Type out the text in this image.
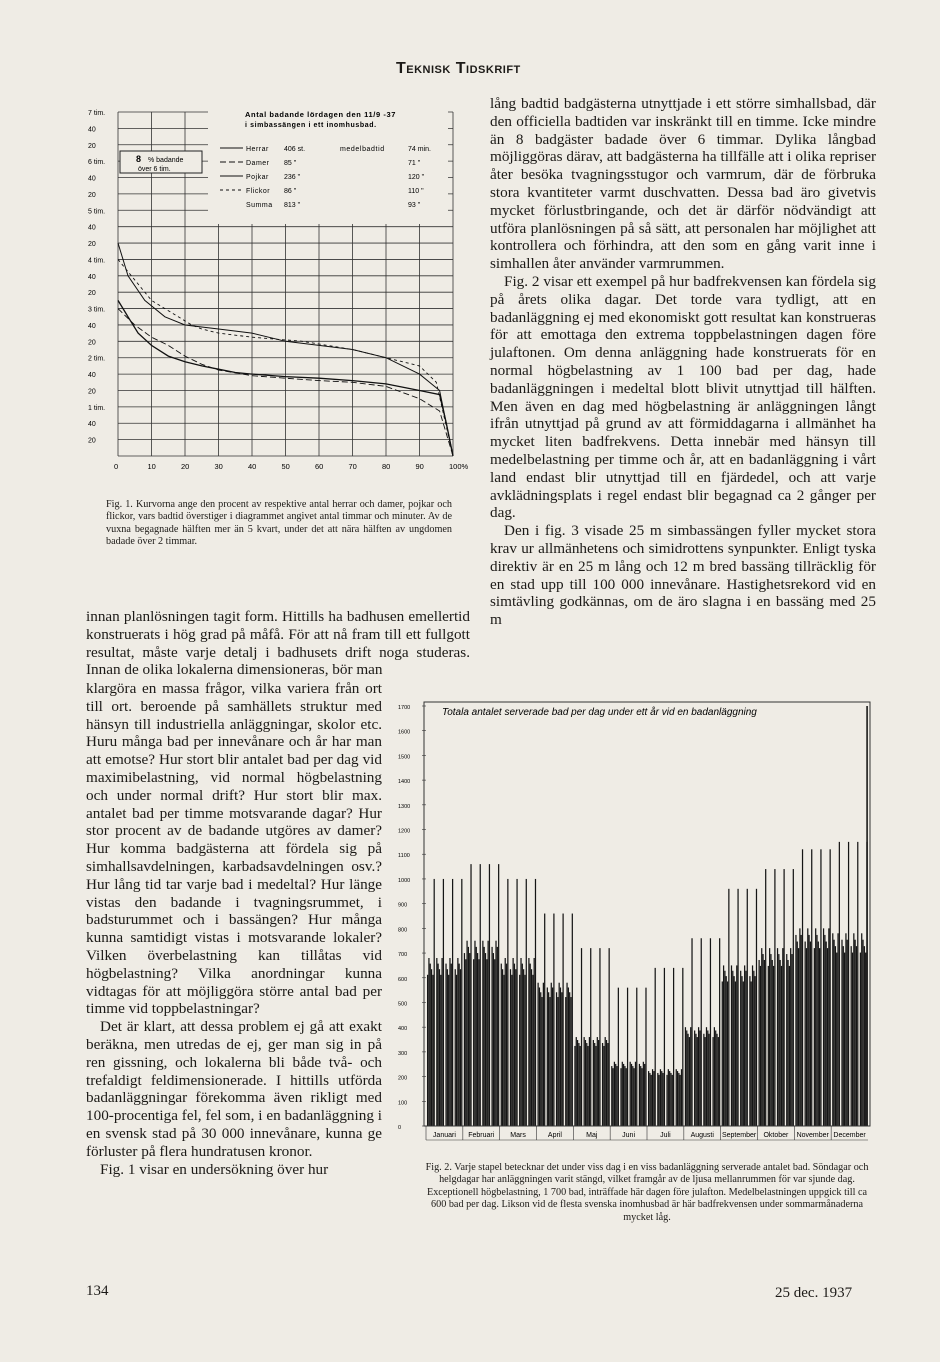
Teknisk Tidskrift
20
40
1 tim.
20
40
2 tim.
20
40
3 tim.
20
40
4 tim.
20
40
5 tim.
20
40
6 tim.
20
40
7 tim.
0	10	20	30	40	50	60	70	80	90	100%
Antal badande lördagen den 11/9 -37
i simbassängen i ett inomhusbad.
medelbadtid
Herrar 406 st.	74 min.
Damer 85 "	71 "
Pojkar 236 "	120 "
Flickor 86 "	110 "
Summa 813 "	93 "
8 % badande
över 6 tim.
Fig. 1. Kurvorna ange den procent av respektive antal herrar och damer, pojkar och flickor, vars badtid överstiger i diagrammet angivet antal timmar och minuter. Av de vuxna begagnade hälften mer än 5 kvart, under det att nära hälften av ungdomen badade över 2 timmar.

lång badtid badgästerna utnyttjade i ett större simhallsbad, där den officiella badtiden var inskränkt till en timme. Icke mindre än 8 badgäster badade över 6 timmar. Dylika långbad möjliggöras därav, att badgästerna ha tillfälle att i olika repriser åter besöka tvagningsstugor och varmrum, där de förbruka stora kvantiteter varmt duschvatten. Dessa bad äro givetvis mycket förlustbringande, och det är därför nödvändigt att utföra planlösningen på så sätt, att personalen har möjlighet att kontrollera och förhindra, att den som en gång varit inne i simhallen åter använder varmrummen.

Fig. 2 visar ett exempel på hur badfrekvensen kan fördela sig på årets olika dagar. Det torde vara tydligt, att en badanläggning ej med ekonomiskt gott resultat kan konstrueras för att emottaga den extrema toppbelastningen dagen före julaftonen. Om denna anläggning hade konstruerats för en normal högbelastning av 1 100 bad per dag, hade badanläggningen i medeltal blott blivit utnyttjad till hälften. Men även en dag med högbelastning är anläggningen långt ifrån utnyttjad på grund av att förmiddagarna i allmänhet ha mycket liten badfrekvens. Detta innebär med hänsyn till medelbelastning per timme och år, att en badanläggning i vårt land endast blir utnyttjad till en fjärdedel, och att varje avklädningsplats i regel endast blir begagnad ca 2 gånger per dag.

Den i fig. 3 visade 25 m simbassängen fyller mycket stora krav ur allmänhetens och simidrottens synpunkter. Enligt tyska direktiv är en 25 m lång och 12 m bred bassäng tillräcklig för en stad upp till 100 000 innevånare. Hastighetsrekord vid en simtävling godkännas, om de äro slagna i en bassäng med 25 m

innan planlösningen tagit form. Hittills ha badhusen emellertid konstruerats i hög grad på måfå. För att nå fram till ett fullgott resultat, måste varje detalj i badhusets drift noga studeras. Innan de olika lokalerna dimensioneras, bör man

klargöra en massa frågor, vilka variera från ort till ort. beroende på samhällets struktur med hänsyn till industriella anläggningar, skolor etc. Huru många bad per innevånare och år har man att emotse? Hur stort blir antalet bad per dag vid maximibelastning, vid normal högbelastning och under normal drift? Hur stort blir max. antalet bad per timme motsvarande dagar? Hur stor procent av de badande utgöres av damer? Hur komma badgästerna att fördela sig på simhallsavdelningen, karbadsavdelningen osv.? Hur lång tid tar varje bad i medeltal? Hur länge vistas den badande i tvagningsrummet, i badsturummet och i bassängen? Hur många kunna samtidigt vistas i motsvarande lokaler? Vilken överbelastning kan tillåtas vid högbelastning? Vilka anordningar kunna vidtagas för att möjliggöra större antal bad per timme vid toppbelastningar?

Det är klart, att dessa problem ej gå att exakt beräkna, men utredas de ej, ger man sig in på ren gissning, och lokalerna bli både två- och trefaldigt feldimensionerade. I hittills utförda badanläggningar förekomma även rikligt med 100-procentiga fel, fel som, i en badanläggning i en svensk stad på 30 000 innevånare, kunna ge förluster på flera hundratusen kronor.

Fig. 1 visar en undersökning över hur

0
100
200
300
400
500
600
700
800
900
1000
1100
1200
1300
1400
1500
1600
1700	Totala antalet serverade bad per dag under ett år vid en badanläggning
Januari Februari Mars	April	Maj	Juni	Juli	Augusti September Oktober November December
Fig. 2. Varje stapel betecknar det under viss dag i en viss badanläggning serverade antalet bad. Söndagar och helgdagar har anläggningen varit stängd, vilket framgår av de ljusa mellanrummen för var sjunde dag. Exceptionell högbelastning, 1 700 bad, inträffade här dagen före julafton. Medelbelastningen uppgick till ca 600 bad per dag. Likson vid de flesta svenska inomhusbad är här badfrekvensen under sommarmånaderna mycket låg.
134	25 dec. 1937
